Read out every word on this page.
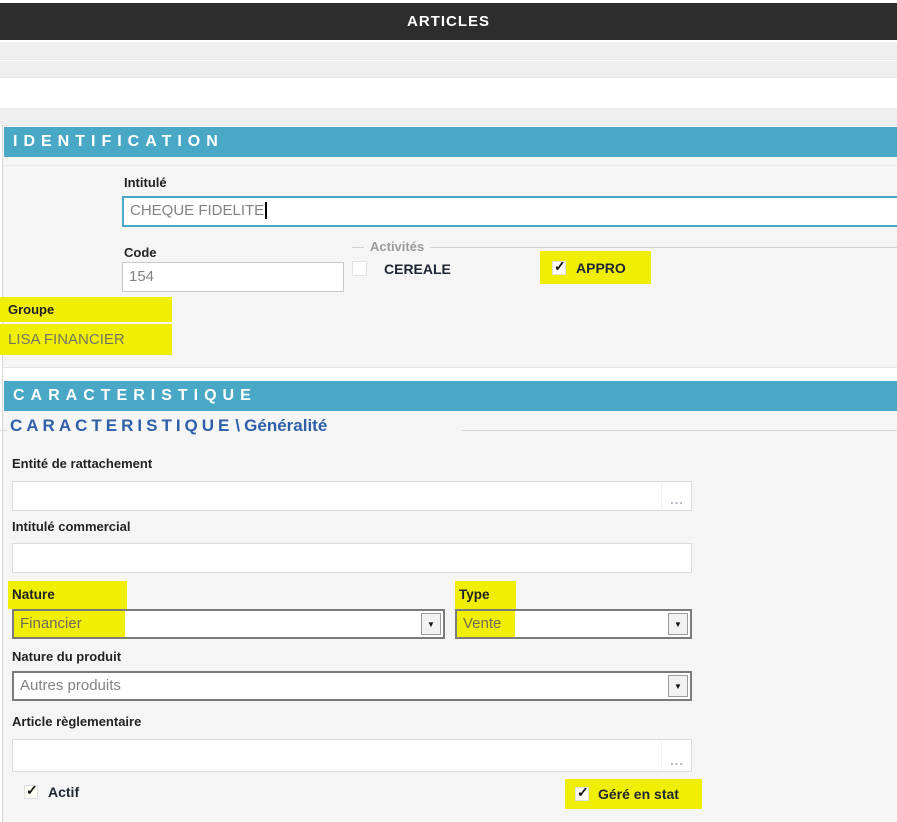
ARTICLES
IDENTIFICATION
Intitulé
CHEQUE FIDELITE
Code
154
Activités
CEREALE	✓ APPRO
Groupe
LISA FINANCIER
CARACTERISTIQUE
CARACTERISTIQUE \ Généralité
Entité de rattachement
...
Intitulé commercial
Nature
Financier	▼
Type
Vente	▼
Nature du produit
Autres produits	▼
Article règlementaire
...
✓ Actif	✓ Géré en stat
